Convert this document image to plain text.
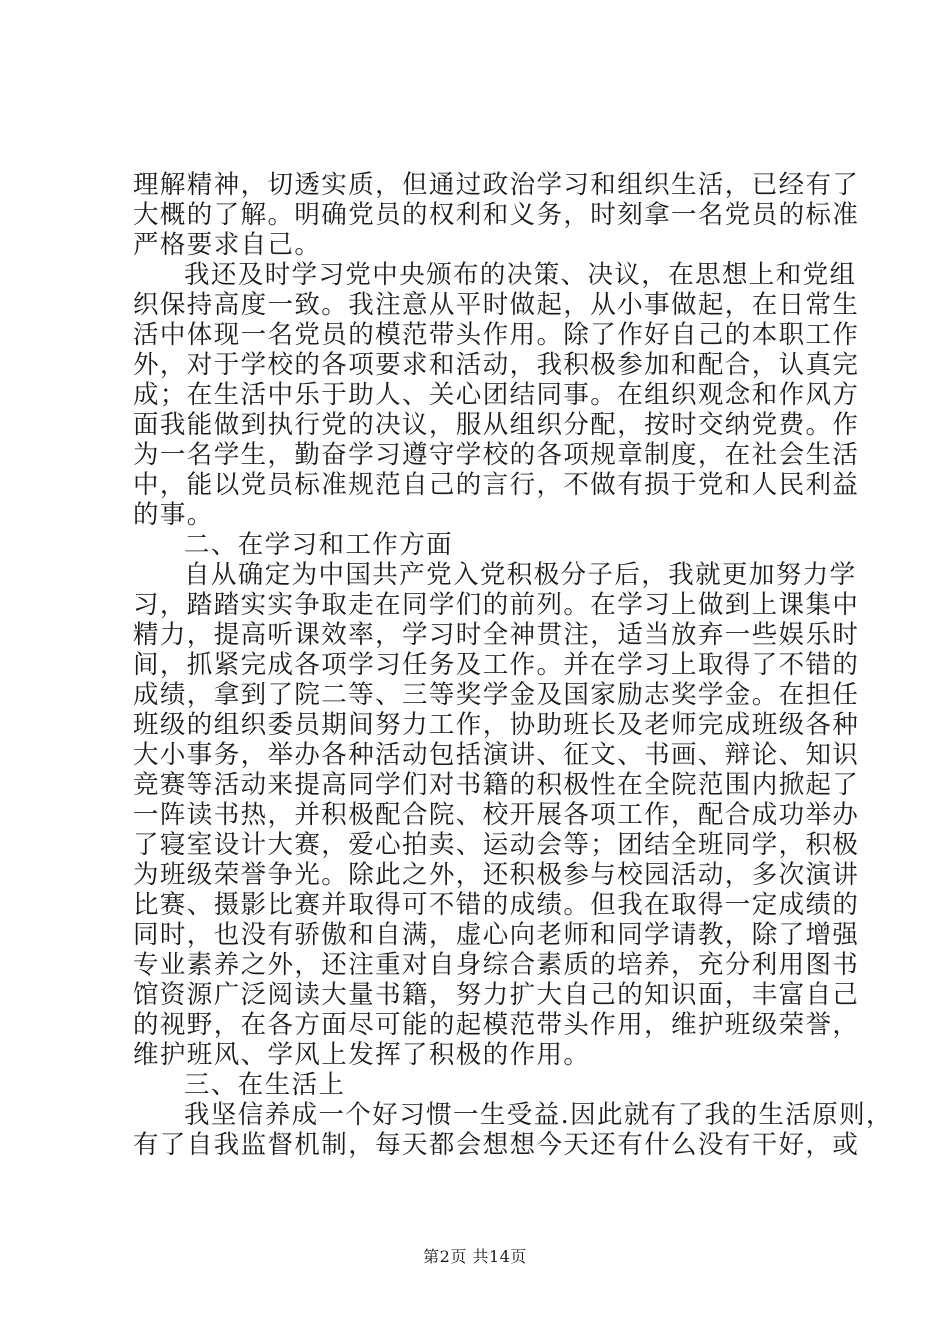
理解精神，切透实质，但通过政治学习和组织生活，已经有了
大概的了解。明确党员的权利和义务，时刻拿一名党员的标准
严格要求自己。
我还及时学习党中央颁布的决策、决议，在思想上和党组
织保持高度一致。我注意从平时做起，从小事做起，在日常生
活中体现一名党员的模范带头作用。除了作好自己的本职工作
外，对于学校的各项要求和活动，我积极参加和配合，认真完
成；在生活中乐于助人、关心团结同事。在组织观念和作风方
面我能做到执行党的决议，服从组织分配，按时交纳党费。作
为一名学生，勤奋学习遵守学校的各项规章制度，在社会生活
中，能以党员标准规范自己的言行，不做有损于党和人民利益
的事。
二、在学习和工作方面
自从确定为中国共产党入党积极分子后，我就更加努力学
习，踏踏实实争取走在同学们的前列。在学习上做到上课集中
精力，提高听课效率，学习时全神贯注，适当放弃一些娱乐时
间，抓紧完成各项学习任务及工作。并在学习上取得了不错的
成绩，拿到了院二等、三等奖学金及国家励志奖学金。在担任
班级的组织委员期间努力工作，协助班长及老师完成班级各种
大小事务，举办各种活动包括演讲、征文、书画、辩论、知识
竞赛等活动来提高同学们对书籍的积极性在全院范围内掀起了
一阵读书热，并积极配合院、校开展各项工作，配合成功举办
了寝室设计大赛，爱心拍卖、运动会等；团结全班同学，积极
为班级荣誉争光。除此之外，还积极参与校园活动，多次演讲
比赛、摄影比赛并取得可不错的成绩。但我在取得一定成绩的
同时，也没有骄傲和自满，虚心向老师和同学请教，除了增强
专业素养之外，还注重对自身综合素质的培养，充分利用图书
馆资源广泛阅读大量书籍，努力扩大自己的知识面，丰富自己
的视野，在各方面尽可能的起模范带头作用，维护班级荣誉，
维护班风、学风上发挥了积极的作用。
三、在生活上
我坚信养成一个好习惯一生受益.因此就有了我的生活原则，
有了自我监督机制，每天都会想想今天还有什么没有干好，或
第2页 共14页
